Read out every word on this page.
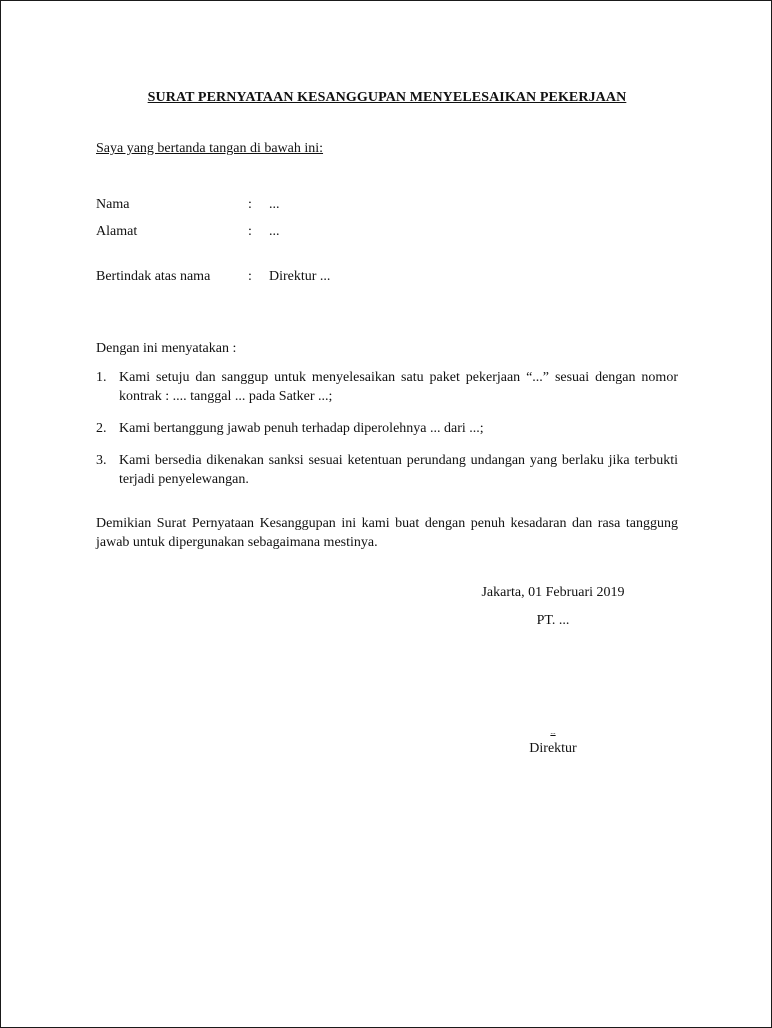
SURAT PERNYATAAN KESANGGUPAN MENYELESAIKAN PEKERJAAN
Saya yang bertanda tangan di bawah ini:
Nama	: ...
Alamat	: ...
Bertindak atas nama	: Direktur ...
Dengan ini menyatakan :
1. Kami setuju dan sanggup untuk menyelesaikan satu paket pekerjaan “...” sesuai dengan nomor kontrak : .... tanggal ... pada Satker ...;
2. Kami bertanggung jawab penuh terhadap diperolehnya ... dari ...;
3. Kami bersedia dikenakan sanksi sesuai ketentuan perundang undangan yang berlaku jika terbukti terjadi penyelewangan.
Demikian Surat Pernyataan Kesanggupan ini kami buat dengan penuh kesadaran dan rasa tanggung jawab untuk dipergunakan sebagaimana mestinya.
Jakarta, 01 Februari 2019
PT. ...
...
Direktur
